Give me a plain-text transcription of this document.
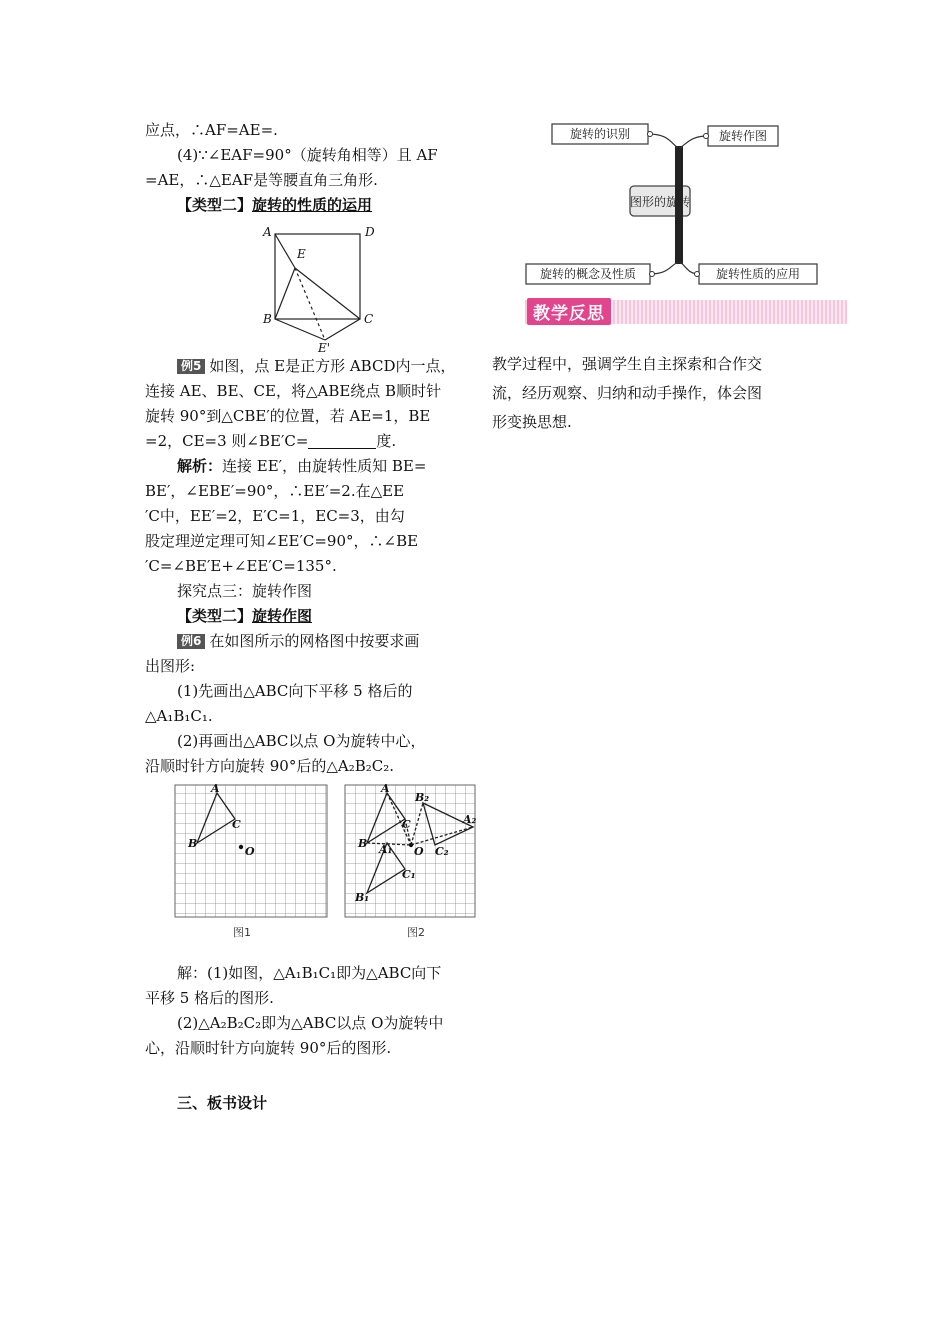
应点，∴AF=AE=.

(4)∵∠EAF=90°（旋转角相等）且 AF

=AE，∴△EAF是等腰直角三角形.

【类型二】旋转的性质的运用

A	D
E
B	C
E'

例5 如图，点 E是正方形 ABCD内一点，

连接 AE、BE、CE，将△ABE绕点 B顺时针

旋转 90°到△CBE′的位置，若 AE=1，BE

=2，CE=3 则∠BE′C=	度.

解析：连接 EE′，由旋转性质知 BE=

BE′，∠EBE′=90°，∴EE′=2.在△EE

′C中，EE′=2，E′C=1，EC=3，由勾

股定理逆定理可知∠EE′C=90°，∴∠BE

′C=∠BE′E+∠EE′C=135°.

探究点三：旋转作图

【类型二】旋转作图

例6 在如图所示的网格图中按要求画

出图形:

(1)先画出△ABC向下平移 5 格后的

△A₁B₁C₁.

(2)再画出△ABC以点 O为旋转中心，

沿顺时针方向旋转 90°后的△A₂B₂C₂.

A
B
C
O
A
B
C
O
A₁
B₁
C₁
A₂
B₂
C₂
图1	图2

解：(1)如图，△A₁B₁C₁即为△ABC向下

平移 5 格后的图形.

(2)△A₂B₂C₂即为△ABC以点 O为旋转中

心，沿顺时针方向旋转 90°后的图形.

三、板书设计

旋转的识别	旋转作图
图形的旋转
旋转的概念及性质	旋转性质的应用
教学反思

教学过程中，强调学生自主探索和合作交

流，经历观察、归纳和动手操作，体会图

形变换思想.
